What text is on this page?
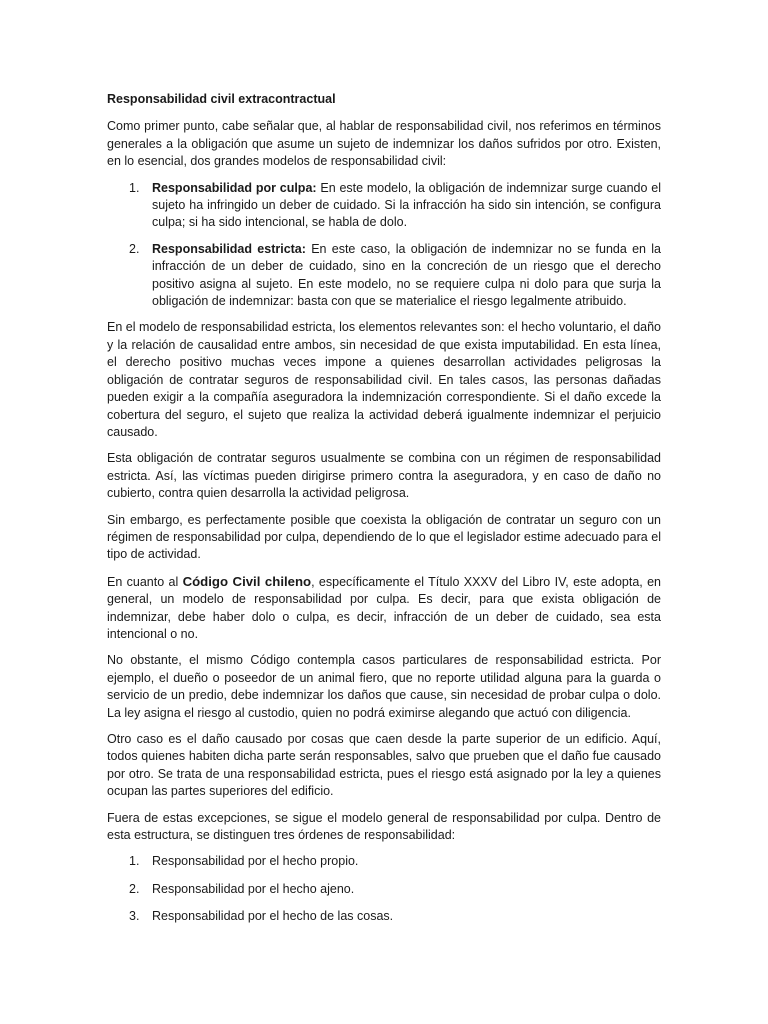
Responsabilidad civil extracontractual

Como primer punto, cabe señalar que, al hablar de responsabilidad civil, nos referimos en términos generales a la obligación que asume un sujeto de indemnizar los daños sufridos por otro. Existen, en lo esencial, dos grandes modelos de responsabilidad civil:

1. Responsabilidad por culpa: En este modelo, la obligación de indemnizar surge cuando el sujeto ha infringido un deber de cuidado. Si la infracción ha sido sin intención, se configura culpa; si ha sido intencional, se habla de dolo.
2. Responsabilidad estricta: En este caso, la obligación de indemnizar no se funda en la infracción de un deber de cuidado, sino en la concreción de un riesgo que el derecho positivo asigna al sujeto. En este modelo, no se requiere culpa ni dolo para que surja la obligación de indemnizar: basta con que se materialice el riesgo legalmente atribuido.

En el modelo de responsabilidad estricta, los elementos relevantes son: el hecho voluntario, el daño y la relación de causalidad entre ambos, sin necesidad de que exista imputabilidad. En esta línea, el derecho positivo muchas veces impone a quienes desarrollan actividades peligrosas la obligación de contratar seguros de responsabilidad civil. En tales casos, las personas dañadas pueden exigir a la compañía aseguradora la indemnización correspondiente. Si el daño excede la cobertura del seguro, el sujeto que realiza la actividad deberá igualmente indemnizar el perjuicio causado.

Esta obligación de contratar seguros usualmente se combina con un régimen de responsabilidad estricta. Así, las víctimas pueden dirigirse primero contra la aseguradora, y en caso de daño no cubierto, contra quien desarrolla la actividad peligrosa.

Sin embargo, es perfectamente posible que coexista la obligación de contratar un seguro con un régimen de responsabilidad por culpa, dependiendo de lo que el legislador estime adecuado para el tipo de actividad.

En cuanto al Código Civil chileno, específicamente el Título XXXV del Libro IV, este adopta, en general, un modelo de responsabilidad por culpa. Es decir, para que exista obligación de indemnizar, debe haber dolo o culpa, es decir, infracción de un deber de cuidado, sea esta intencional o no.

No obstante, el mismo Código contempla casos particulares de responsabilidad estricta. Por ejemplo, el dueño o poseedor de un animal fiero, que no reporte utilidad alguna para la guarda o servicio de un predio, debe indemnizar los daños que cause, sin necesidad de probar culpa o dolo. La ley asigna el riesgo al custodio, quien no podrá eximirse alegando que actuó con diligencia.

Otro caso es el daño causado por cosas que caen desde la parte superior de un edificio. Aquí, todos quienes habiten dicha parte serán responsables, salvo que prueben que el daño fue causado por otro. Se trata de una responsabilidad estricta, pues el riesgo está asignado por la ley a quienes ocupan las partes superiores del edificio.

Fuera de estas excepciones, se sigue el modelo general de responsabilidad por culpa. Dentro de esta estructura, se distinguen tres órdenes de responsabilidad:

1. Responsabilidad por el hecho propio.
2. Responsabilidad por el hecho ajeno.
3. Responsabilidad por el hecho de las cosas.
